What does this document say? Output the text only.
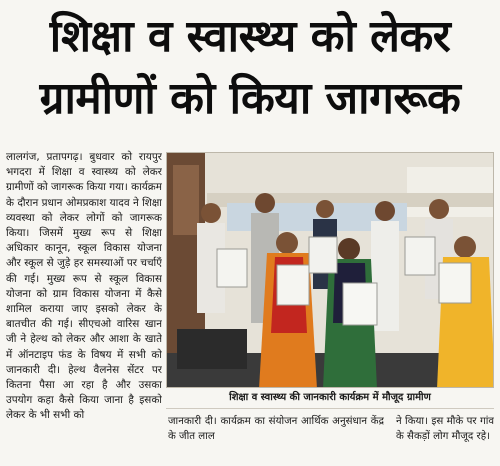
शिक्षा व स्वास्थ्य को लेकर
ग्रामीणों को किया जागरूक

लालगंज, प्रतापगढ़। बुधवार को रायपुर भगदरा में शिक्षा व स्वास्थ्य को लेकर ग्रामीणों को जागरूक किया गया। कार्यक्रम के दौरान प्रधान ओमप्रकाश यादव ने शिक्षा व्यवस्था को लेकर लोगों को जागरूक किया। जिसमें मुख्य रूप से शिक्षा अधिकार कानून, स्कूल विकास योजना और स्कूल से जुड़े हर समस्याओं पर चर्चाएँ की गई। मुख्य रूप से स्कूल विकास योजना को ग्राम विकास योजना में कैसे शामिल कराया जाए इसको लेकर के बातचीत की गई। सीएचओ वारिस खान जी ने हेल्थ को लेकर और आशा के खाते में ऑनटाइप फंड के विषय में सभी को जानकारी दी। हेल्थ वैलनेस सेंटर पर कितना पैसा आ रहा है और उसका उपयोग कहा कैसे किया जाना है इसको लेकर के भी सभी को

शिक्षा व स्वास्थ्य की जानकारी कार्यक्रम में मौजूद ग्रामीण

जानकारी दी। कार्यक्रम का संयोजन आर्थिक अनुसंधान केंद्र के जीत लाल

ने किया। इस मौके पर गांव के सैकड़ों लोग मौजूद रहे।
